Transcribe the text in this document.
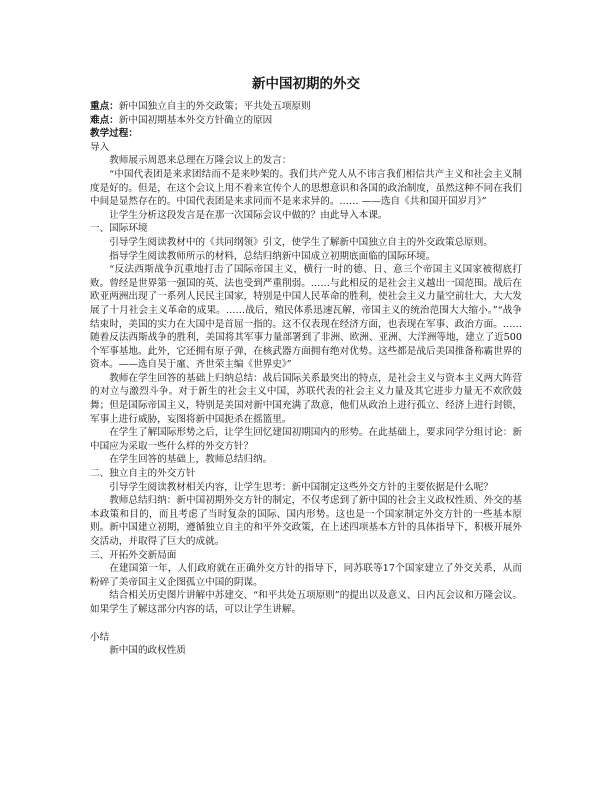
新中国初期的外交

重点：新中国独立自主的外交政策；平共处五项原则

难点：新中国初期基本外交方针确立的原因

教学过程：

导入

教师展示周恩来总理在万隆会议上的发言：

“中国代表团是来求团结而不是来吵架的。我们共产党人从不讳言我们相信共产主义和社会主义制度是好的。但是，在这个会议上用不着来宣传个人的思想意识和各国的政治制度，虽然这种不同在我们中间是显然存在的。中国代表团是来求同而不是来求异的。…… ——选自《共和国开国岁月》”

让学生分析这段发言是在那一次国际会议中做的？由此导入本课。

一、国际环境

引导学生阅读教材中的《共同纲领》引文，使学生了解新中国独立自主的外交政策总原则。

指导学生阅读教师所示的材料，总结归纳新中国成立初期底面临的国际环境。

“反法西斯战争沉重地打击了国际帝国主义，横行一时的德、日、意三个帝国主义国家被彻底打败。曾经是世界第一强国的英、法也受到严重削弱。……与此相反的是社会主义越出一国范围。战后在欧亚两洲出现了一系列人民民主国家，特别是中国人民革命的胜利，使社会主义力量空前壮大，大大发展了十月社会主义革命的成果。……战后，殖民体系迅速瓦解，帝国主义的统治范围大大缩小。”“战争结束时，美国的实力在大国中是首屈一指的。这不仅表现在经济方面，也表现在军事、政治方面。……随着反法西斯战争的胜利，美国将其军事力量部署到了非洲、欧洲、亚洲、大洋洲等地，建立了近500个军事基地。此外，它还拥有原子弹，在核武器方面拥有绝对优势。这些都是战后美国推备称霸世界的资本。——选自吴于廑、齐世荣主编《世界史》”

教师在学生回答的基础上归纳总结：战后国际关系最突出的特点，是社会主义与资本主义两大阵营的对立与激烈斗争。对于新生的社会主义中国，苏联代表的社会主义力量及其它进步力量无不欢欣鼓舞；但是国际帝国主义，特别是美国对新中国充满了敌意，他们从政治上进行孤立、经济上进行封锁，军事上进行威胁，妄图将新中国扼杀在摇篮里。

在学生了解国际形势之后，让学生回忆建国初期国内的形势。在此基础上，要求同学分组讨论：新中国应为采取一些什么样的外交方针？

在学生回答的基础上，教师总结归纳。

二、独立自主的外交方针

引导学生阅读教材相关内容，让学生思考：新中国制定这些外交方针的主要依据是什么呢？

教师总结归纳：新中国初期外交方针的制定，不仅考虑到了新中国的社会主义政权性质、外交的基本政策和目的，而且考虑了当时复杂的国际、国内形势。这也是一个国家制定外交方针的一些基本原则。新中国建立初期，遵循独立自主的和平外交政策，在上述四项基本方针的具体指导下，积极开展外交活动，并取得了巨大的成就。

三、开拓外交新局面

在建国第一年，人们政府就在正确外交方针的指导下，同苏联等17个国家建立了外交关系，从而粉碎了美帝国主义企图孤立中国的阴谋。

结合相关历史图片讲解中苏建交、“和平共处五项原则”的提出以及意义、日内瓦会议和万隆会议。如果学生了解这部分内容的话，可以让学生讲解。

小结

新中国的政权性质
